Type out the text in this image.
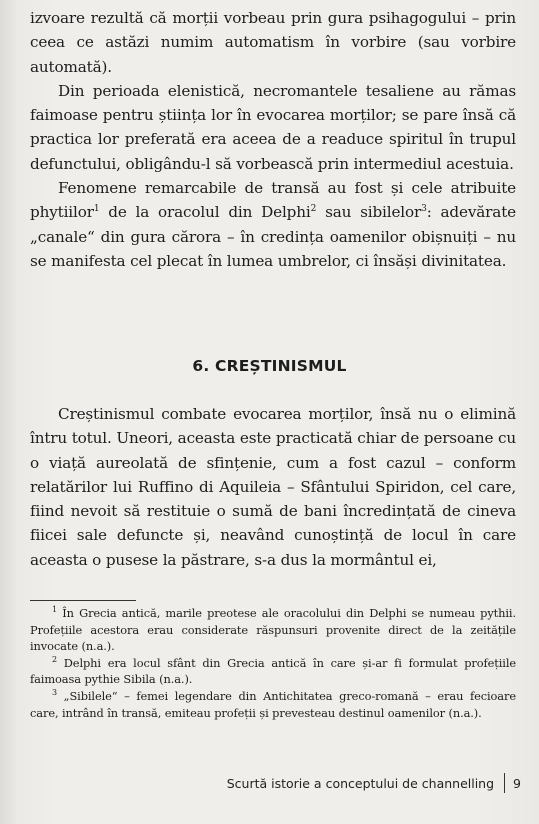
izvoare rezultă că morții vorbeau prin gura psihagogului – prin ceea ce astăzi numim automatism în vorbire (sau vorbire automată).

Din perioada elenistică, necromantele tesaliene au rămas faimoase pentru știința lor în evocarea morților; se pare însă că practica lor preferată era aceea de a readuce spiritul în trupul defunctului, obligându-l să vorbească prin intermediul acestuia.

Fenomene remarcabile de transă au fost și cele atribuite phytiilor$^1$ de la oracolul din Delphi$^2$ sau sibilelor$^3$: adevărate „canale“ din gura cărora – în credința oamenilor obișnuiți – nu se manifesta cel plecat în lumea umbrelor, ci însăși divinitatea.

6. CREȘTINISMUL

Creștinismul combate evocarea morților, însă nu o elimină întru totul. Uneori, aceasta este practicată chiar de persoane cu o viață aureolată de sfințenie, cum a fost cazul – conform relatărilor lui Ruffino di Aquileia – Sfântului Spiridon, cel care, fiind nevoit să restituie o sumă de bani încredințată de cineva fiicei sale defuncte și, neavând cunoștință de locul în care aceasta o pusese la păstrare, s-a dus la mormântul ei,

$^1$ În Grecia antică, marile preotese ale oracolului din Delphi se numeau pythii. Profețiile acestora erau considerate răspunsuri provenite direct de la zeitățile invocate (n.a.).

$^2$ Delphi era locul sfânt din Grecia antică în care și-ar fi formulat profețiile faimoasa pythie Sibila (n.a.).

$^3$ „Sibilele“ – femei legendare din Antichitatea greco-romană – erau fecioare care, intrând în transă, emiteau profeții și prevesteau destinul oamenilor (n.a.).

Scurtă istorie a conceptului de channelling 9
